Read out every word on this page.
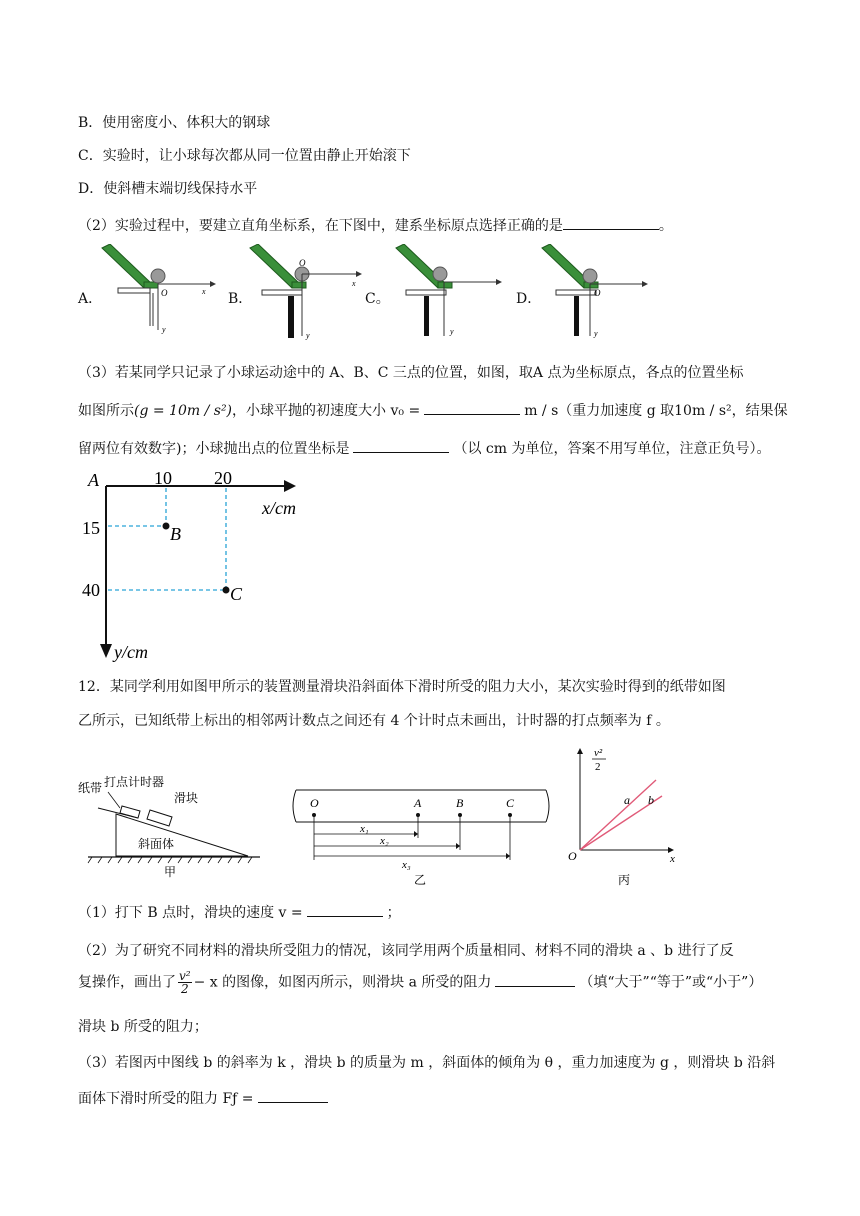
B．使用密度小、体积大的钢球
C．实验时，让小球每次都从同一位置由静止开始滚下
D．使斜槽末端切线保持水平
（2）实验过程中，要建立直角坐标系，在下图中，建系坐标原点选择正确的是	。
A．	B．	C。	D．
O	x
y
O
x
y	y
O
y
（3）若某同学只记录了小球运动途中的 A、B、C 三点的位置，如图，取A 点为坐标原点，各点的位置坐标
如图所示(g = 10m / s²)，小球平抛的初速度大小 v₀ =	m / s（重力加速度 g 取10m / s²，结果保
留两位有效数字)；小球抛出点的位置坐标是	（以 cm 为单位，答案不用写单位，注意正负号）。
A	10 20
x/cm
15
40
y/cm
B
C
12．某同学利用如图甲所示的装置测量滑块沿斜面体下滑时所受的阻力大小，某次实验时得到的纸带如图
乙所示，已知纸带上标出的相邻两计数点之间还有 4 个计时点未画出，计时器的打点频率为 f 。
纸带 打点计时器
滑块
斜面体
甲
O	A	B	C
x₁
x₂
x₃
乙
v²
2
a b
O	x
丙
（1）打下 B 点时，滑块的速度 v =	；
（2）为了研究不同材料的滑块所受阻力的情况，该同学用两个质量相同、材料不同的滑块 a 、b 进行了反
复操作，画出了 $\frac{\text{v²}}{2} - x$ 的图像，如图丙所示，则滑块 a 所受的阻力	（填“大于”“等于”或“小于”）
滑块 b 所受的阻力；
（3）若图丙中图线 b 的斜率为 k ，滑块 b 的质量为 m ，斜面体的倾角为 θ ，重力加速度为 g ，则滑块 b 沿斜
面体下滑时所受的阻力 Fƒ =
